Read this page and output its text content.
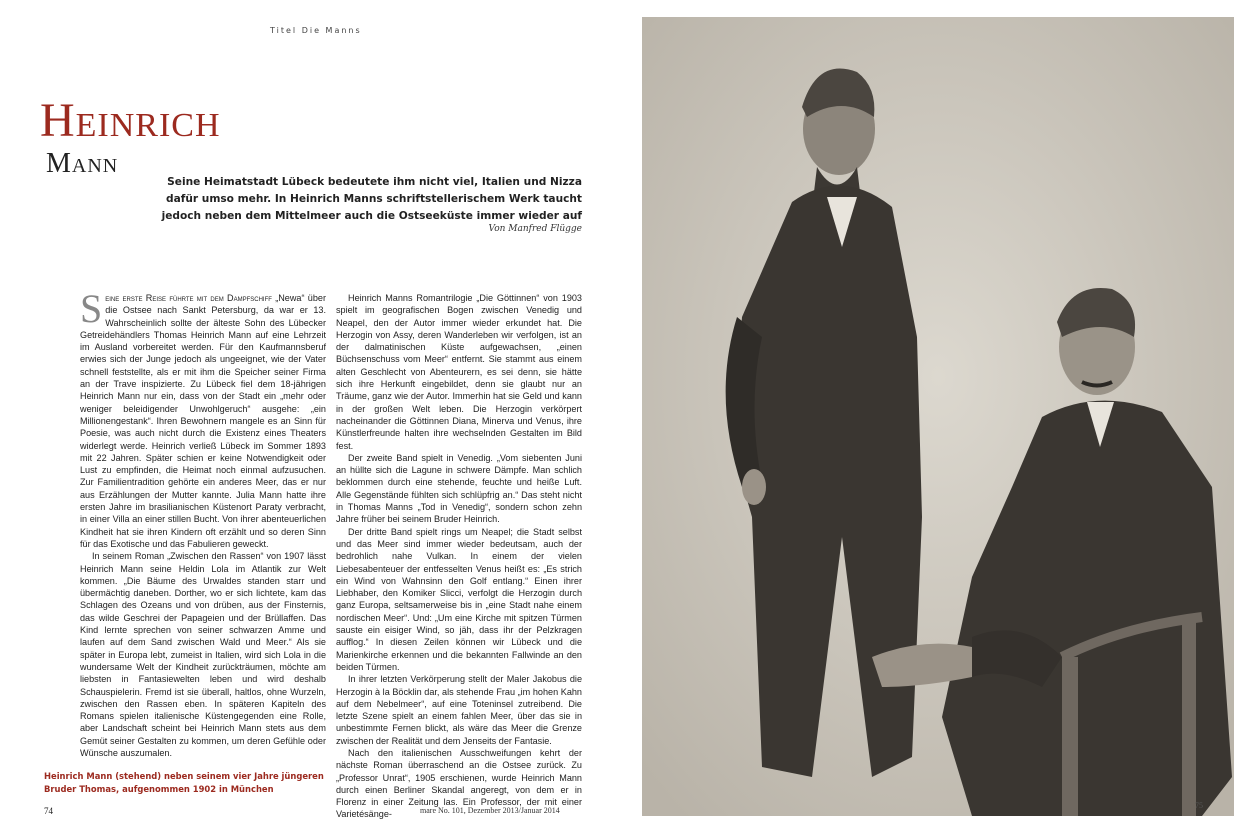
Titel Die Manns
Heinrich
Mann
Seine Heimatstadt Lübeck bedeutete ihm nicht viel, Italien und Nizza dafür umso mehr. In Heinrich Manns schriftstellerischem Werk taucht jedoch neben dem Mittelmeer auch die Ostseeküste immer wieder auf
Von Manfred Flügge

Seine erste Reise führte mit dem Dampfschiff „Newa“ über die Ostsee nach Sankt Petersburg, da war er 13. Wahrscheinlich sollte der älteste Sohn des Lübecker Getreidehändlers Thomas Heinrich Mann auf eine Lehrzeit im Ausland vorbereitet werden. Für den Kaufmannsberuf erwies sich der Junge jedoch als ungeeignet, wie der Vater schnell feststellte, als er mit ihm die Speicher seiner Firma an der Trave inspizierte. Zu Lübeck fiel dem 18-jährigen Heinrich Mann nur ein, dass von der Stadt ein „mehr oder weniger beleidigender Unwohlgeruch“ ausgehe: „ein Millionengestank“. Ihren Bewohnern mangele es an Sinn für Poesie, was auch nicht durch die Existenz eines Theaters widerlegt werde. Heinrich verließ Lübeck im Sommer 1893 mit 22 Jahren. Später schien er keine Notwendigkeit oder Lust zu empfinden, die Heimat noch einmal aufzusuchen. Zur Familientradition gehörte ein anderes Meer, das er nur aus Erzählungen der Mutter kannte. Julia Mann hatte ihre ersten Jahre im brasilianischen Küstenort Paraty verbracht, in einer Villa an einer stillen Bucht. Von ihrer abenteuerlichen Kindheit hat sie ihren Kindern oft erzählt und so deren Sinn für das Exotische und das Fabulieren geweckt.

In seinem Roman „Zwischen den Rassen“ von 1907 lässt Heinrich Mann seine Heldin Lola im Atlantik zur Welt kommen. „Die Bäume des Urwaldes standen starr und übermächtig daneben. Dorther, wo er sich lichtete, kam das Schlagen des Ozeans und von drüben, aus der Finsternis, das wilde Geschrei der Papageien und der Brüllaffen. Das Kind lernte sprechen von seiner schwarzen Amme und laufen auf dem Sand zwischen Wald und Meer.“ Als sie später in Europa lebt, zumeist in Italien, wird sich Lola in die wundersame Welt der Kindheit zurückträumen, möchte am liebsten in Fantasiewelten leben und wird deshalb Schauspielerin. Fremd ist sie überall, haltlos, ohne Wurzeln, zwischen den Rassen eben. In späteren Kapiteln des Romans spielen italienische Küstengegenden eine Rolle, aber Landschaft scheint bei Heinrich Mann stets aus dem Gemüt seiner Gestalten zu kommen, um deren Gefühle oder Wünsche auszumalen.

Heinrich Manns Romantrilogie „Die Göttinnen“ von 1903 spielt im geografischen Bogen zwischen Venedig und Neapel, den der Autor immer wieder erkundet hat. Die Herzogin von Assy, deren Wanderleben wir verfolgen, ist an der dalmatinischen Küste aufgewachsen, „einen Büchsenschuss vom Meer“ entfernt. Sie stammt aus einem alten Geschlecht von Abenteurern, es sei denn, sie hätte sich ihre Herkunft eingebildet, denn sie glaubt nur an Träume, ganz wie der Autor. Immerhin hat sie Geld und kann in der großen Welt leben. Die Herzogin verkörpert nacheinander die Göttinnen Diana, Minerva und Venus, ihre Künstlerfreunde halten ihre wechselnden Gestalten im Bild fest.

Der zweite Band spielt in Venedig. „Vom siebenten Juni an hüllte sich die Lagune in schwere Dämpfe. Man schlich beklommen durch eine stehende, feuchte und heiße Luft. Alle Gegenstände fühlten sich schlüpfrig an.“ Das steht nicht in Thomas Manns „Tod in Venedig“, sondern schon zehn Jahre früher bei seinem Bruder Heinrich.

Der dritte Band spielt rings um Neapel; die Stadt selbst und das Meer sind immer wieder bedeutsam, auch der bedrohlich nahe Vulkan. In einem der vielen Liebesabenteuer der entfesselten Venus heißt es: „Es strich ein Wind von Wahnsinn den Golf entlang.“ Einen ihrer Liebhaber, den Komiker Slicci, verfolgt die Herzogin durch ganz Europa, seltsamerweise bis in „eine Stadt nahe einem nordischen Meer“. Und: „Um eine Kirche mit spitzen Türmen sauste ein eisiger Wind, so jäh, dass ihr der Pelzkragen aufflog.“ In diesen Zeilen können wir Lübeck und die Marienkirche erkennen und die bekannten Fallwinde an den beiden Türmen.

In ihrer letzten Verkörperung stellt der Maler Jakobus die Herzogin à la Böcklin dar, als stehende Frau „im hohen Kahn auf dem Nebelmeer“, auf eine Toteninsel zutreibend. Die letzte Szene spielt an einem fahlen Meer, über das sie in unbestimmte Fernen blickt, als wäre das Meer die Grenze zwischen der Realität und dem Jenseits der Fantasie.

Nach den italienischen Ausschweifungen kehrt der nächste Roman überraschend an die Ostsee zurück. Zu „Professor Unrat“, 1905 erschienen, wurde Heinrich Mann durch einen Berliner Skandal angeregt, von dem er in Florenz in einer Zeitung las. Ein Professor, der mit einer Varietésänge-

Heinrich Mann (stehend) neben seinem vier Jahre jüngeren Bruder Thomas, aufgenommen 1902 in München
74	mare No. 101, Dezember 2013/Januar 2014
75
